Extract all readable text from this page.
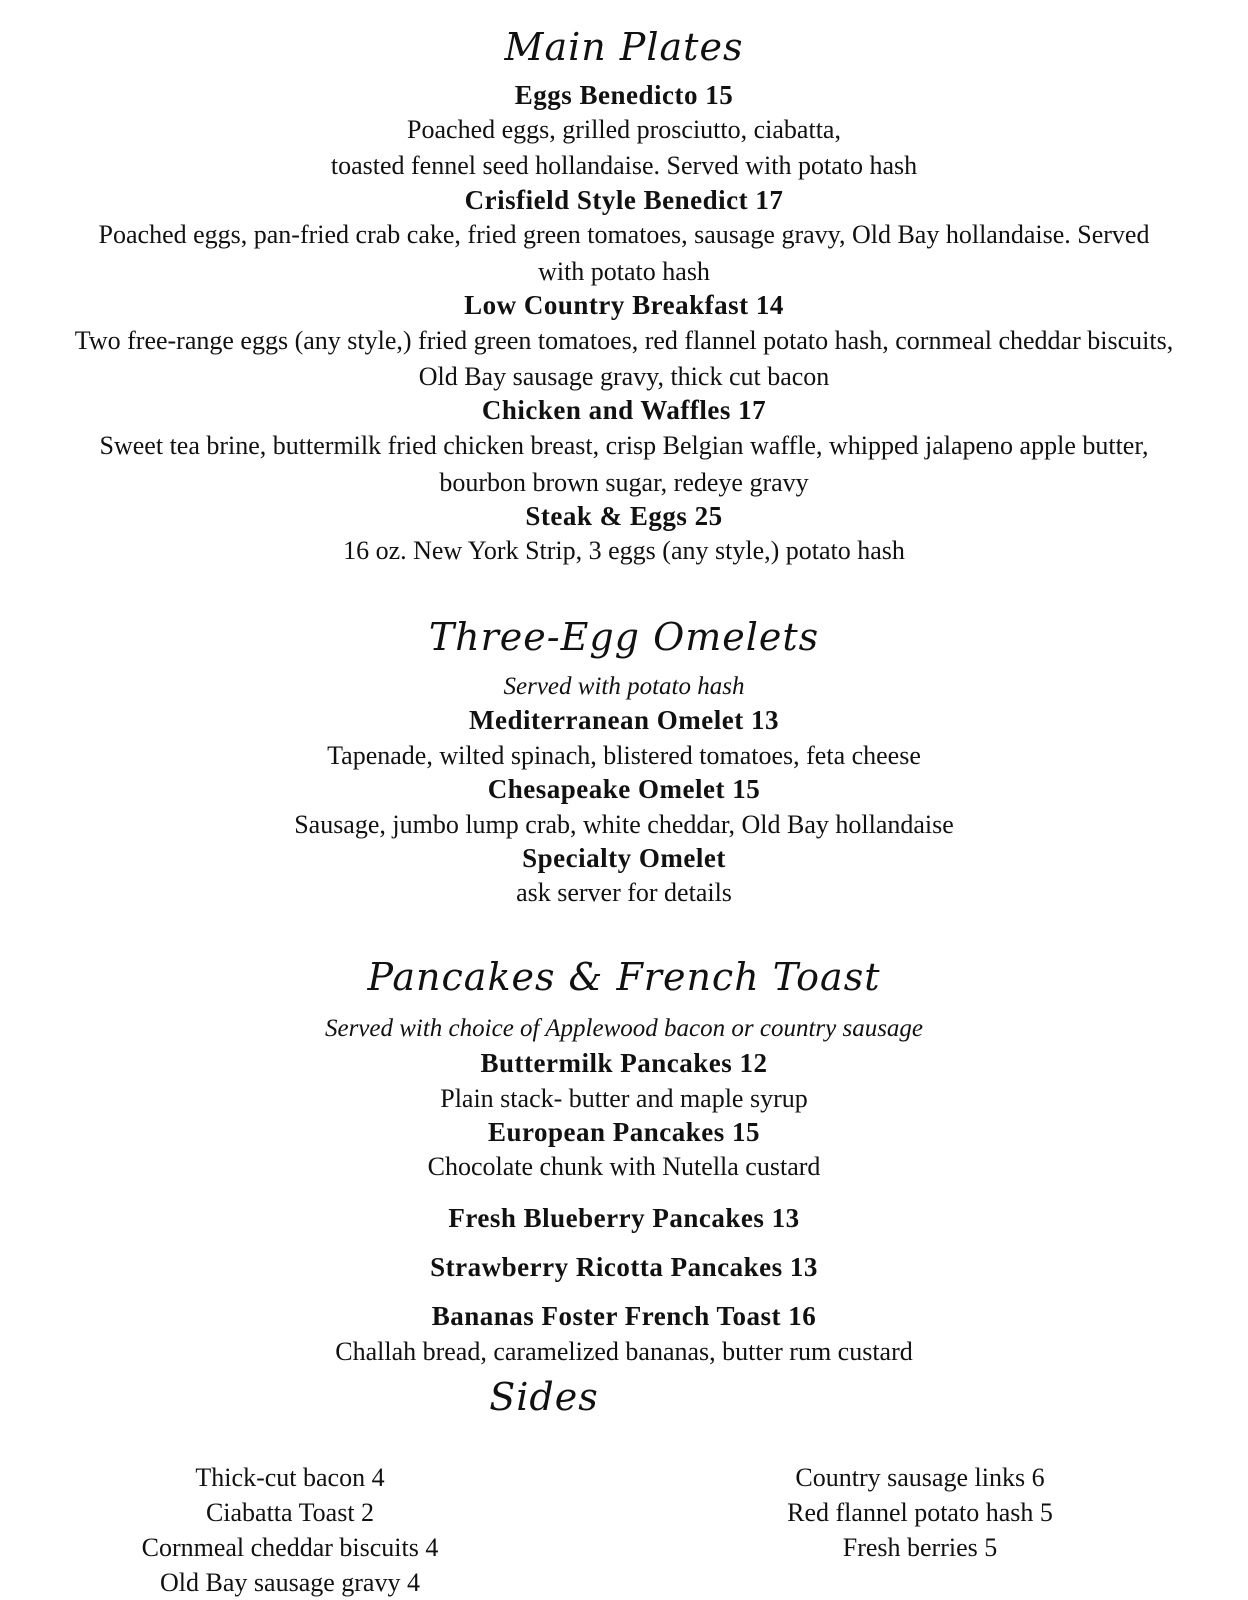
Main Plates
Eggs Benedicto 15
Poached eggs, grilled prosciutto, ciabatta,
toasted fennel seed hollandaise. Served with potato hash
Crisfield Style Benedict 17
Poached eggs, pan-fried crab cake, fried green tomatoes, sausage gravy, Old Bay hollandaise. Served
with potato hash
Low Country Breakfast 14
Two free-range eggs (any style,) fried green tomatoes, red flannel potato hash, cornmeal cheddar biscuits,
Old Bay sausage gravy, thick cut bacon
Chicken and Waffles 17
Sweet tea brine, buttermilk fried chicken breast, crisp Belgian waffle, whipped jalapeno apple butter,
bourbon brown sugar, redeye gravy
Steak & Eggs 25
16 oz. New York Strip, 3 eggs (any style,) potato hash
Three-Egg Omelets
Served with potato hash
Mediterranean Omelet 13
Tapenade, wilted spinach, blistered tomatoes, feta cheese
Chesapeake Omelet 15
Sausage, jumbo lump crab, white cheddar, Old Bay hollandaise
Specialty Omelet
ask server for details
Pancakes & French Toast
Served with choice of Applewood bacon or country sausage
Buttermilk Pancakes 12
Plain stack- butter and maple syrup
European Pancakes 15
Chocolate chunk with Nutella custard
Fresh Blueberry Pancakes 13
Strawberry Ricotta Pancakes 13
Bananas Foster French Toast 16
Challah bread, caramelized bananas, butter rum custard
Sides
Thick-cut bacon 4
Ciabatta Toast 2
Cornmeal cheddar biscuits 4
Old Bay sausage gravy 4
Country sausage links 6
Red flannel potato hash 5
Fresh berries 5
